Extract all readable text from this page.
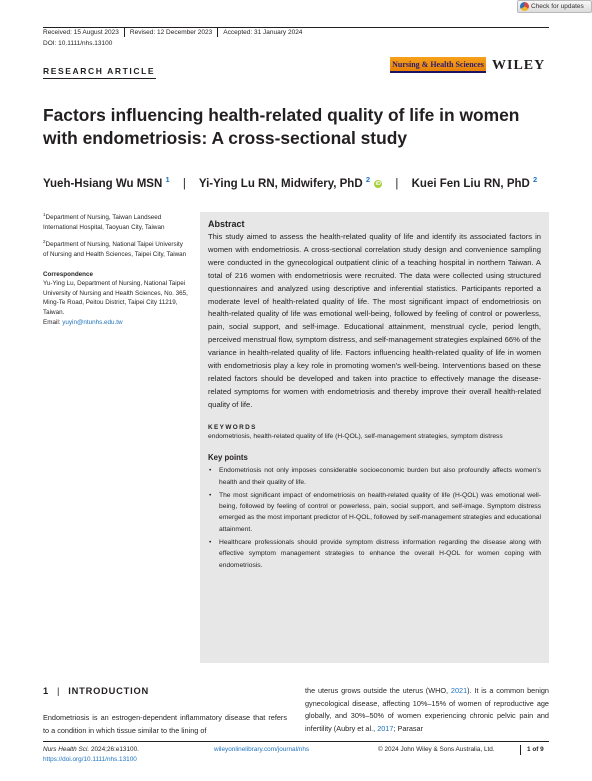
Check for updates
Received: 15 August 2023	Revised: 12 December 2023	Accepted: 31 January 2024
DOI: 10.1111/nhs.13100
RESEARCH ARTICLE
Nursing & Health Sciences WILEY
Factors influencing health-related quality of life in women with endometriosis: A cross-sectional study
Yueh-Hsiang Wu MSN $^1$ | Yi-Ying Lu RN, Midwifery, PhD $^2$ iD | Kuei Fen Liu RN, PhD $^2$

$^1$Department of Nursing, Taiwan Landseed International Hospital, Taoyuan City, Taiwan

$^2$Department of Nursing, National Taipei University of Nursing and Health Sciences, Taipei City, Taiwan

Correspondence

Yu-Ying Lu, Department of Nursing, National Taipei University of Nursing and Health Sciences, No. 365, Ming-Te Road, Peitou District, Taipei City 11219, Taiwan.
Email: yuyin@ntunhs.edu.tw

Abstract

This study aimed to assess the health-related quality of life and identify its associated factors in women with endometriosis. A cross-sectional correlation study design and convenience sampling were conducted in the gynecological outpatient clinic of a teaching hospital in northern Taiwan. A total of 216 women with endometriosis were recruited. The data were collected using structured questionnaires and analyzed using descriptive and inferential statistics. Participants reported a moderate level of health-related quality of life. The most significant impact of endometriosis on health-related quality of life was emotional well-being, followed by feeling of control or powerless, pain, social support, and self-image. Educational attainment, menstrual cycle, period length, perceived menstrual flow, symptom distress, and self-management strategies explained 66% of the variance in health-related quality of life. Factors influencing health-related quality of life in women with endometriosis play a key role in promoting women's well-being. Interventions based on these related factors should be developed and taken into practice to effectively manage the disease-related symptoms for women with endometriosis and thereby improve their overall health-related quality of life.

KEYWORDS

endometriosis, health-related quality of life (H-QOL), self-management strategies, symptom distress

Key points

• Endometriosis not only imposes considerable socioeconomic burden but also profoundly affects women's health and their quality of life.
• The most significant impact of endometriosis on health-related quality of life (H-QOL) was emotional well-being, followed by feeling of control or powerless, pain, social support, and self-image. Symptom distress emerged as the most important predictor of H-QOL, followed by self-management strategies and educational attainment.
• Healthcare professionals should provide symptom distress information regarding the disease along with effective symptom management strategies to enhance the overall H-QOL for women coping with endometriosis.
1 | INTRODUCTION

Endometriosis is an estrogen-dependent inflammatory disease that refers to a condition in which tissue similar to the lining of

the uterus grows outside the uterus (WHO, 2021). It is a common benign gynecological disease, affecting 10%–15% of women of reproductive age globally, and 30%–50% of women experiencing chronic pelvic pain and infertility (Aubry et al., 2017; Parasar

Nurs Health Sci. 2024;26:e13100.
https://doi.org/10.1111/nhs.13100
wileyonlinelibrary.com/journal/nhs	© 2024 John Wiley & Sons Australia, Ltd.	1 of 9
